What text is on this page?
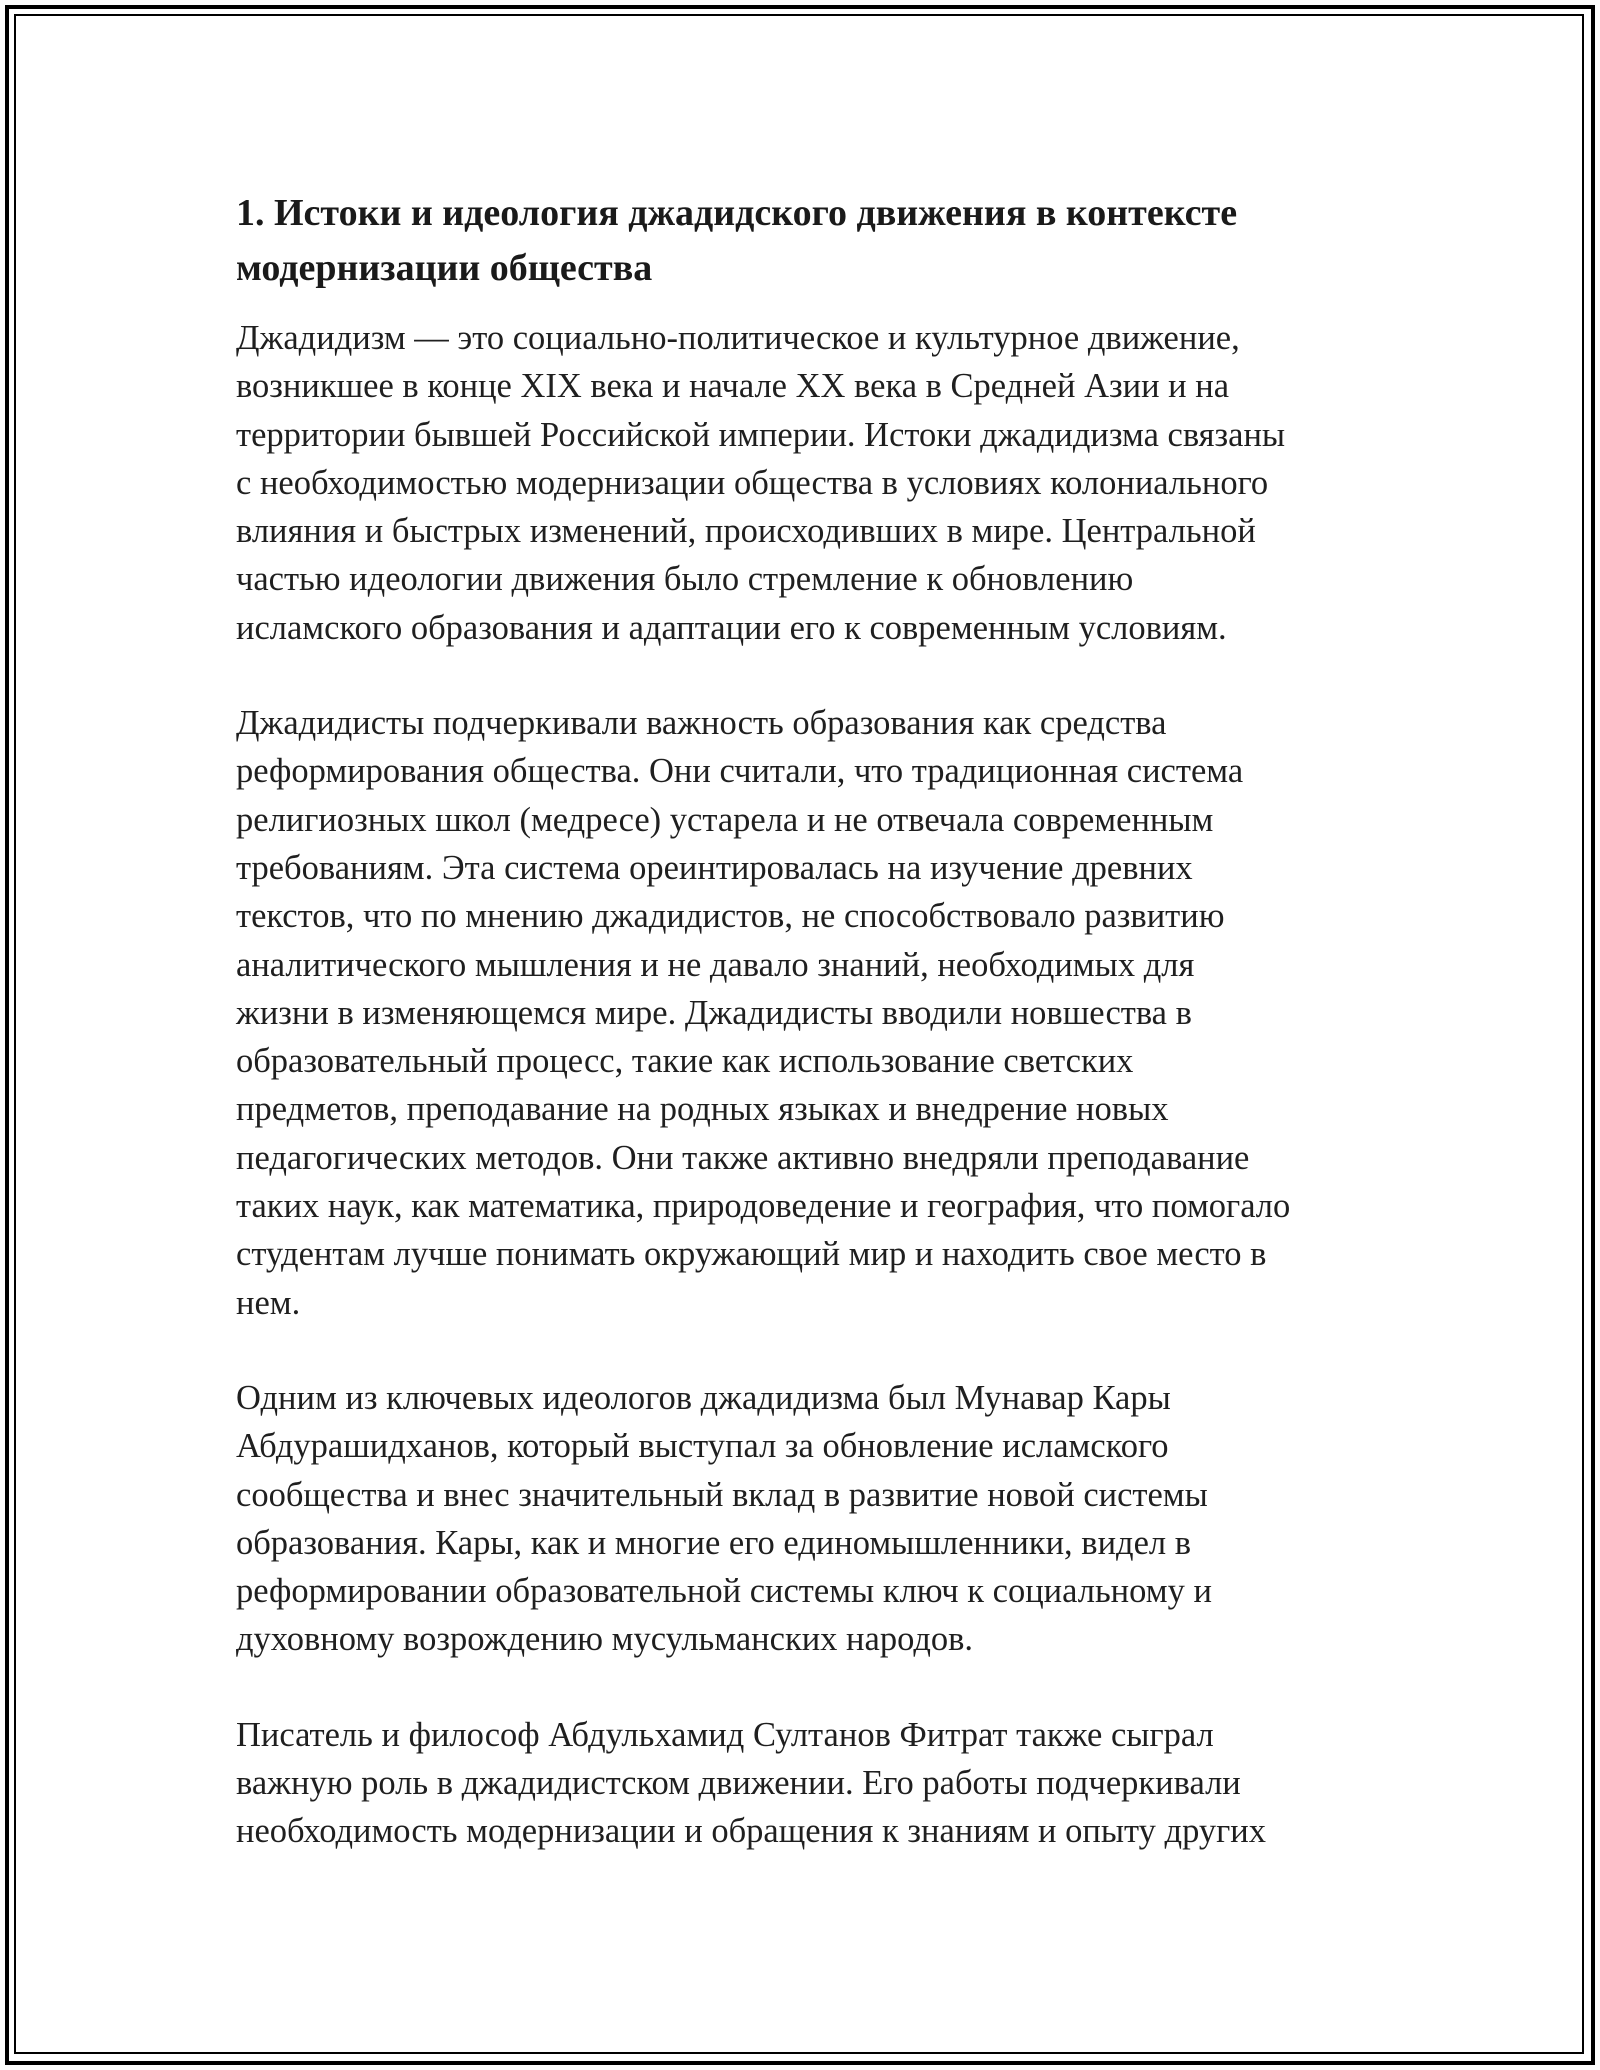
1. Истоки и идеология джадидского движения в контексте
модернизации общества

Джадидизм — это социально-политическое и культурное движение,
возникшее в конце XIX века и начале XX века в Средней Азии и на
территории бывшей Российской империи. Истоки джадидизма связаны
с необходимостью модернизации общества в условиях колониального
влияния и быстрых изменений, происходивших в мире. Центральной
частью идеологии движения было стремление к обновлению
исламского образования и адаптации его к современным условиям.

Джадидисты подчеркивали важность образования как средства
реформирования общества. Они считали, что традиционная система
религиозных школ (медресе) устарела и не отвечала современным
требованиям. Эта система ореинтировалась на изучение древних
текстов, что по мнению джадидистов, не способствовало развитию
аналитического мышления и не давало знаний, необходимых для
жизни в изменяющемся мире. Джадидисты вводили новшества в
образовательный процесс, такие как использование светских
предметов, преподавание на родных языках и внедрение новых
педагогических методов. Они также активно внедряли преподавание
таких наук, как математика, природоведение и география, что помогало
студентам лучше понимать окружающий мир и находить свое место в
нем.

Одним из ключевых идеологов джадидизма был Мунавар Кары
Абдурашидханов, который выступал за обновление исламского
сообщества и внес значительный вклад в развитие новой системы
образования. Кары, как и многие его единомышленники, видел в
реформировании образовательной системы ключ к социальному и
духовному возрождению мусульманских народов.

Писатель и философ Абдульхамид Султанов Фитрат также сыграл
важную роль в джадидистском движении. Его работы подчеркивали
необходимость модернизации и обращения к знаниям и опыту других
